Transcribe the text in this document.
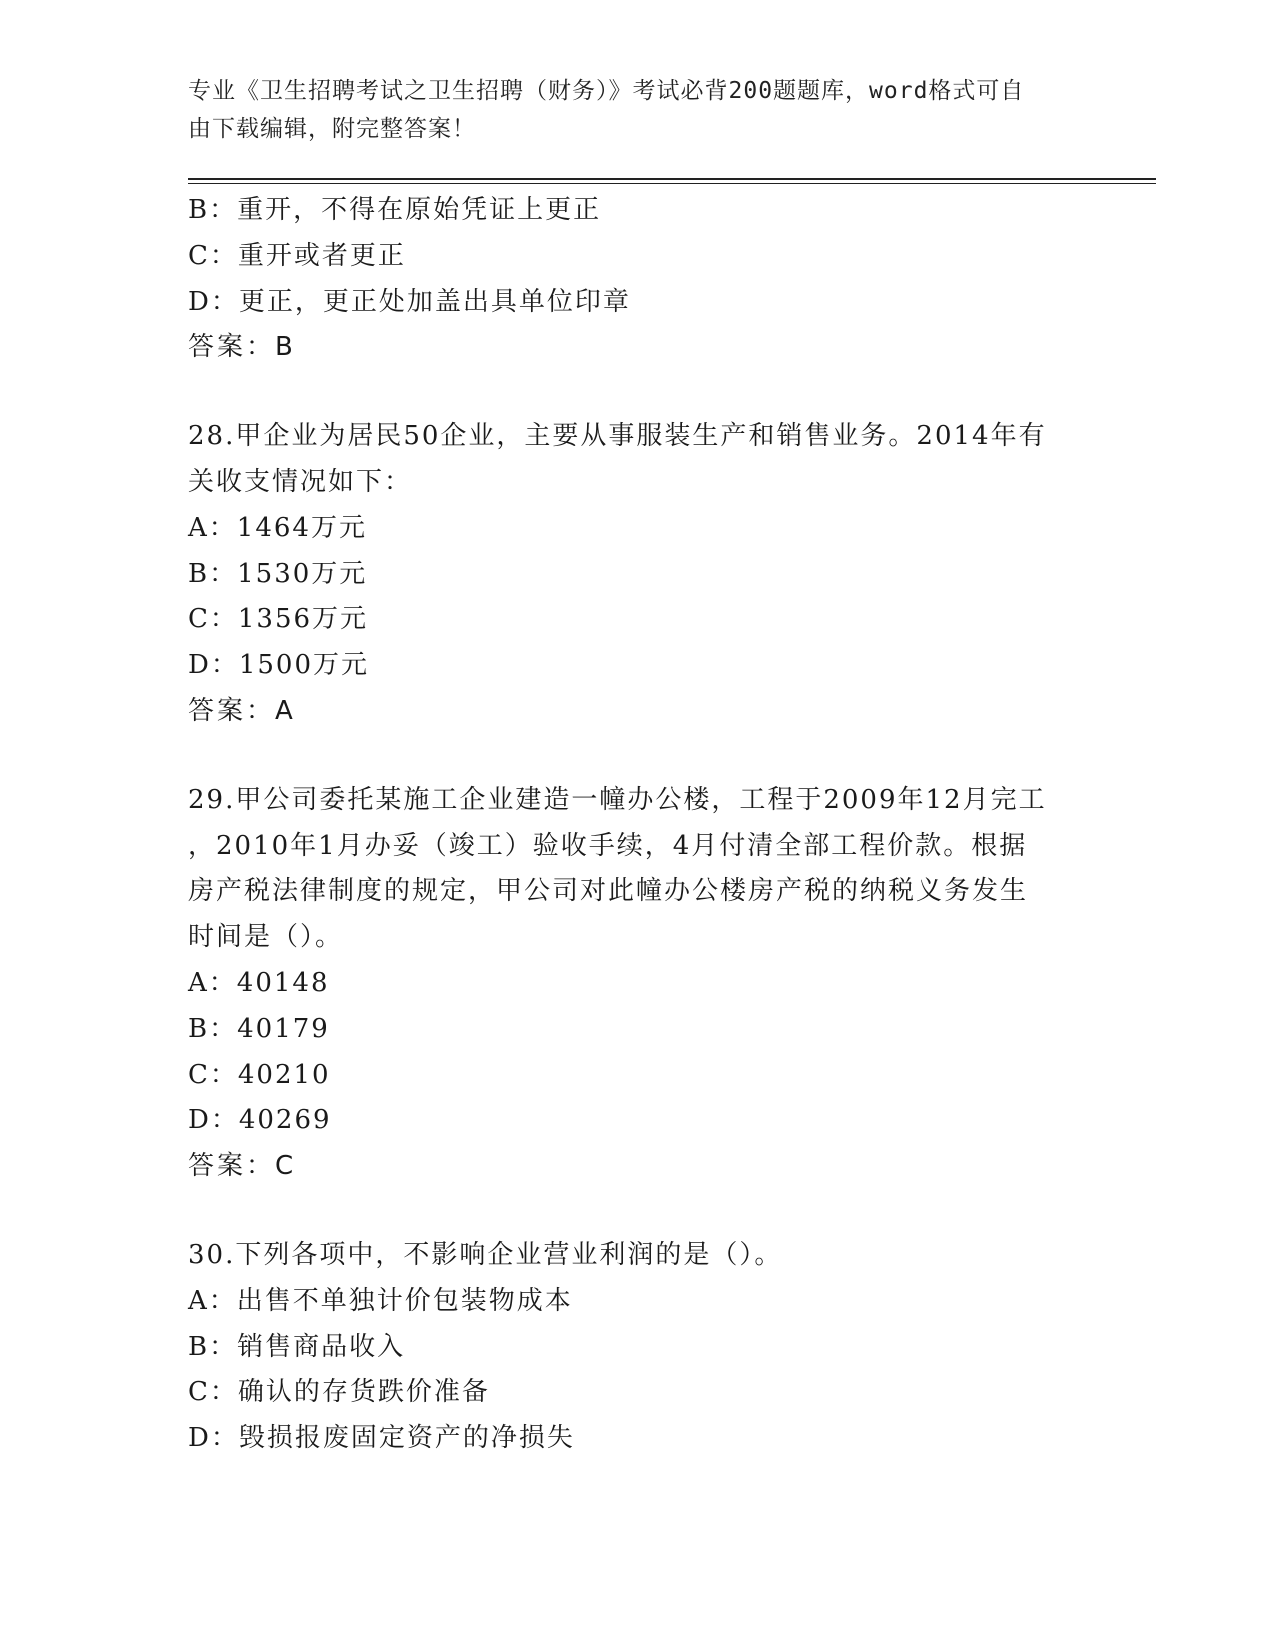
专业《卫生招聘考试之卫生招聘（财务）》考试必背200题题库，word格式可自
由下载编辑，附完整答案！
B：重开，不得在原始凭证上更正
C：重开或者更正
D：更正，更正处加盖出具单位印章
答案：B
28.甲企业为居民50企业，主要从事服装生产和销售业务。2014年有
关收支情况如下：
A：1464万元
B：1530万元
C：1356万元
D：1500万元
答案：A
29.甲公司委托某施工企业建造一幢办公楼，工程于2009年12月完工
，2010年1月办妥（竣工）验收手续，4月付清全部工程价款。根据
房产税法律制度的规定，甲公司对此幢办公楼房产税的纳税义务发生
时间是（）。
A：40148
B：40179
C：40210
D：40269
答案：C
30.下列各项中，不影响企业营业利润的是（）。
A：出售不单独计价包装物成本
B：销售商品收入
C：确认的存货跌价准备
D：毁损报废固定资产的净损失
